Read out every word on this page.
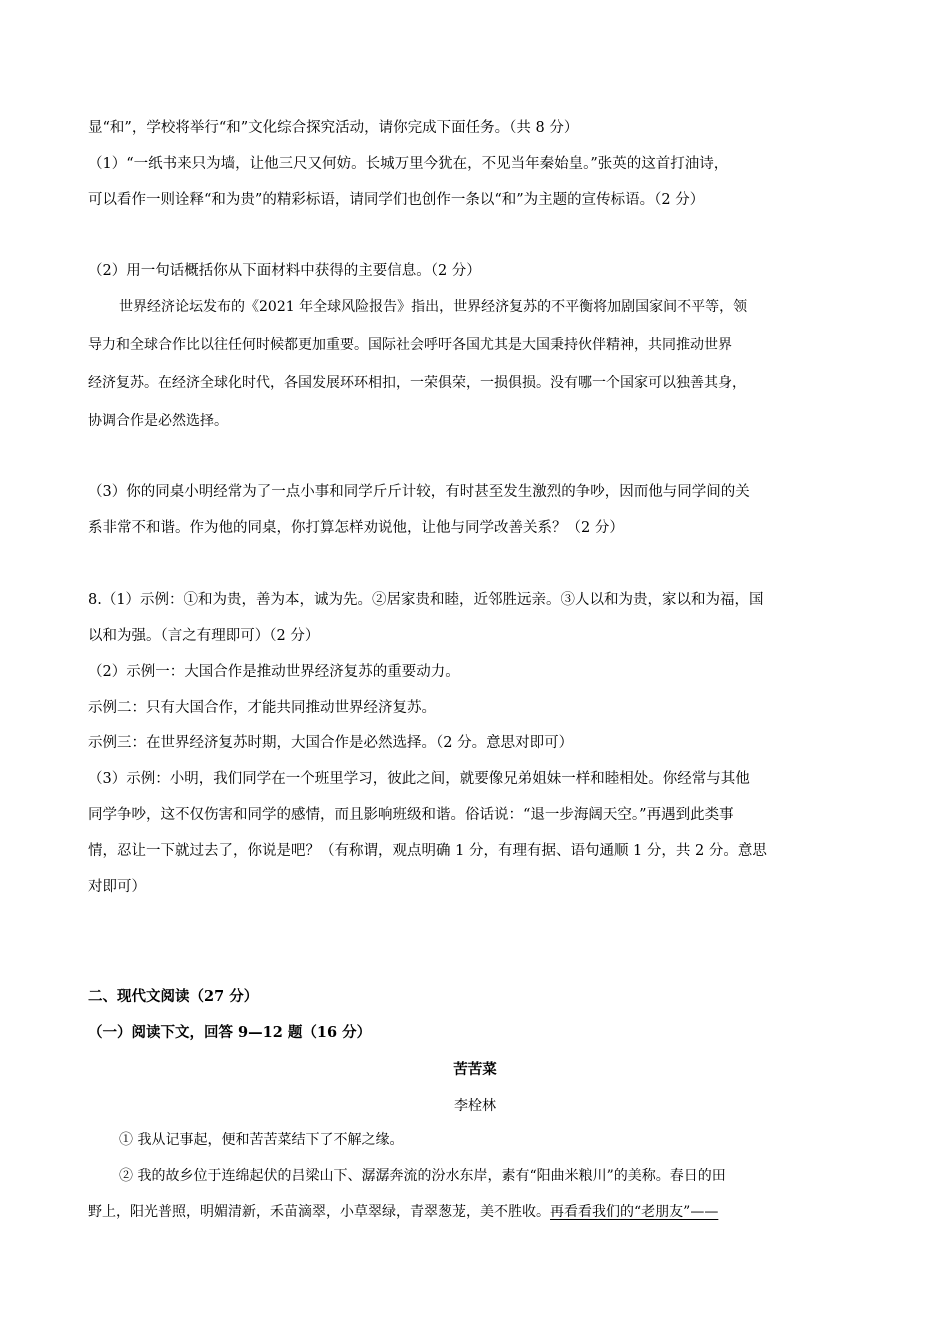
显“和”，学校将举行“和”文化综合探究活动，请你完成下面任务。（共 8 分）
（1）“一纸书来只为墙，让他三尺又何妨。长城万里今犹在，不见当年秦始皇。”张英的这首打油诗，
可以看作一则诠释“和为贵”的精彩标语，请同学们也创作一条以“和”为主题的宣传标语。（2 分）
（2）用一句话概括你从下面材料中获得的主要信息。（2 分）
世界经济论坛发布的《2021 年全球风险报告》指出，世界经济复苏的不平衡将加剧国家间不平等，领
导力和全球合作比以往任何时候都更加重要。国际社会呼吁各国尤其是大国秉持伙伴精神，共同推动世界
经济复苏。在经济全球化时代，各国发展环环相扣，一荣俱荣，一损俱损。没有哪一个国家可以独善其身，
协调合作是必然选择。
（3）你的同桌小明经常为了一点小事和同学斤斤计较，有时甚至发生激烈的争吵，因而他与同学间的关
系非常不和谐。作为他的同桌，你打算怎样劝说他，让他与同学改善关系？（2 分）
8.（1）示例：①和为贵，善为本，诚为先。②居家贵和睦，近邻胜远亲。③人以和为贵，家以和为福，国
以和为强。（言之有理即可）（2 分）
（2）示例一：大国合作是推动世界经济复苏的重要动力。
示例二：只有大国合作，才能共同推动世界经济复苏。
示例三：在世界经济复苏时期，大国合作是必然选择。（2 分。意思对即可）
（3）示例：小明，我们同学在一个班里学习，彼此之间，就要像兄弟姐妹一样和睦相处。你经常与其他
同学争吵，这不仅伤害和同学的感情，而且影响班级和谐。俗话说：“退一步海阔天空。”再遇到此类事
情，忍让一下就过去了，你说是吧？（有称谓，观点明确 1 分，有理有据、语句通顺 1 分，共 2 分。意思
对即可）
二、现代文阅读（27 分）
（一）阅读下文，回答 9—12 题（16 分）
苦苦菜
李栓林
① 我从记事起，便和苦苦菜结下了不解之缘。
② 我的故乡位于连绵起伏的吕梁山下、潺潺奔流的汾水东岸，素有“阳曲米粮川”的美称。春日的田
野上，阳光普照，明媚清新，禾苗滴翠，小草翠绿，青翠葱茏，美不胜收。再看看我们的“老朋友”——
